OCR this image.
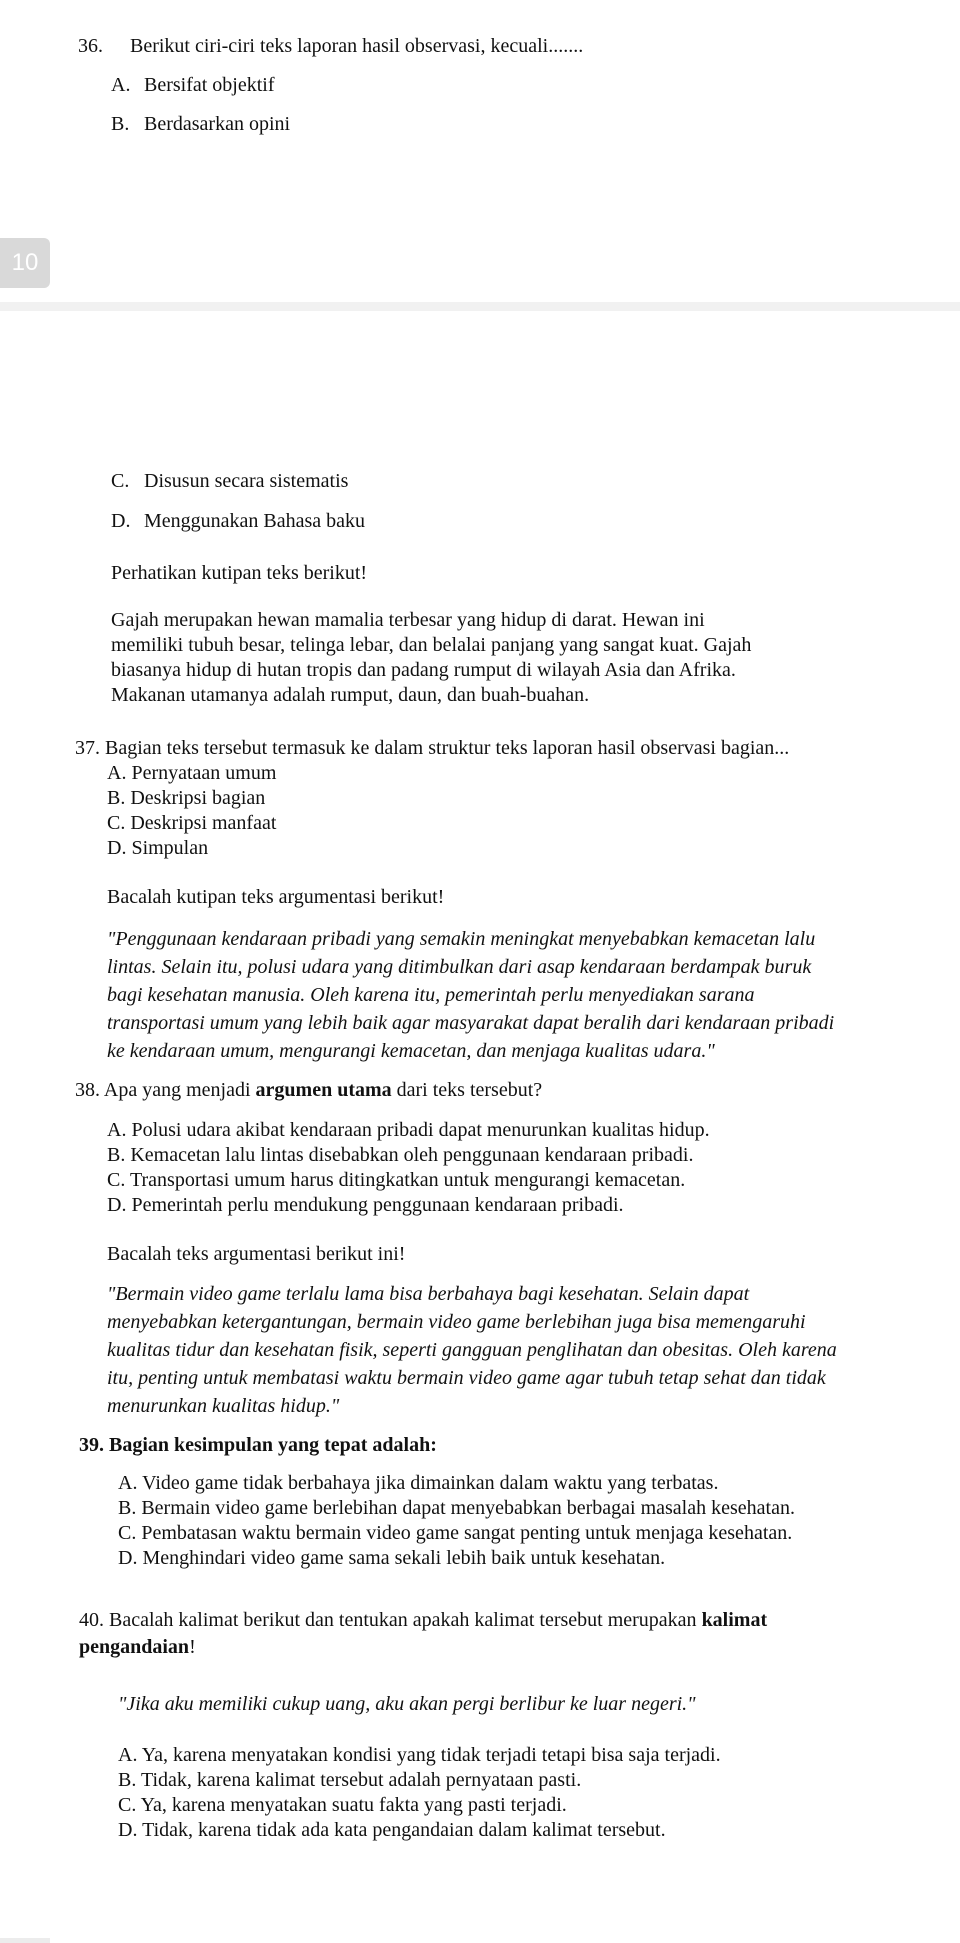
36. Berikut ciri-ciri teks laporan hasil observasi, kecuali.......
A. Bersifat objektif
B. Berdasarkan opini
10
C. Disusun secara sistematis
D. Menggunakan Bahasa baku
Perhatikan kutipan teks berikut!
Gajah merupakan hewan mamalia terbesar yang hidup di darat. Hewan ini
memiliki tubuh besar, telinga lebar, dan belalai panjang yang sangat kuat. Gajah
biasanya hidup di hutan tropis dan padang rumput di wilayah Asia dan Afrika.
Makanan utamanya adalah rumput, daun, dan buah-buahan.
37. Bagian teks tersebut termasuk ke dalam struktur teks laporan hasil observasi bagian...
A. Pernyataan umum
B. Deskripsi bagian
C. Deskripsi manfaat
D. Simpulan
Bacalah kutipan teks argumentasi berikut!
"Penggunaan kendaraan pribadi yang semakin meningkat menyebabkan kemacetan lalu
lintas. Selain itu, polusi udara yang ditimbulkan dari asap kendaraan berdampak buruk
bagi kesehatan manusia. Oleh karena itu, pemerintah perlu menyediakan sarana
transportasi umum yang lebih baik agar masyarakat dapat beralih dari kendaraan pribadi
ke kendaraan umum, mengurangi kemacetan, dan menjaga kualitas udara."
38. Apa yang menjadi argumen utama dari teks tersebut?
A. Polusi udara akibat kendaraan pribadi dapat menurunkan kualitas hidup.
B. Kemacetan lalu lintas disebabkan oleh penggunaan kendaraan pribadi.
C. Transportasi umum harus ditingkatkan untuk mengurangi kemacetan.
D. Pemerintah perlu mendukung penggunaan kendaraan pribadi.
Bacalah teks argumentasi berikut ini!
"Bermain video game terlalu lama bisa berbahaya bagi kesehatan. Selain dapat
menyebabkan ketergantungan, bermain video game berlebihan juga bisa memengaruhi
kualitas tidur dan kesehatan fisik, seperti gangguan penglihatan dan obesitas. Oleh karena
itu, penting untuk membatasi waktu bermain video game agar tubuh tetap sehat dan tidak
menurunkan kualitas hidup."
39. Bagian kesimpulan yang tepat adalah:
A. Video game tidak berbahaya jika dimainkan dalam waktu yang terbatas.
B. Bermain video game berlebihan dapat menyebabkan berbagai masalah kesehatan.
C. Pembatasan waktu bermain video game sangat penting untuk menjaga kesehatan.
D. Menghindari video game sama sekali lebih baik untuk kesehatan.
40. Bacalah kalimat berikut dan tentukan apakah kalimat tersebut merupakan kalimat
pengandaian!
"Jika aku memiliki cukup uang, aku akan pergi berlibur ke luar negeri."
A. Ya, karena menyatakan kondisi yang tidak terjadi tetapi bisa saja terjadi.
B. Tidak, karena kalimat tersebut adalah pernyataan pasti.
C. Ya, karena menyatakan suatu fakta yang pasti terjadi.
D. Tidak, karena tidak ada kata pengandaian dalam kalimat tersebut.
